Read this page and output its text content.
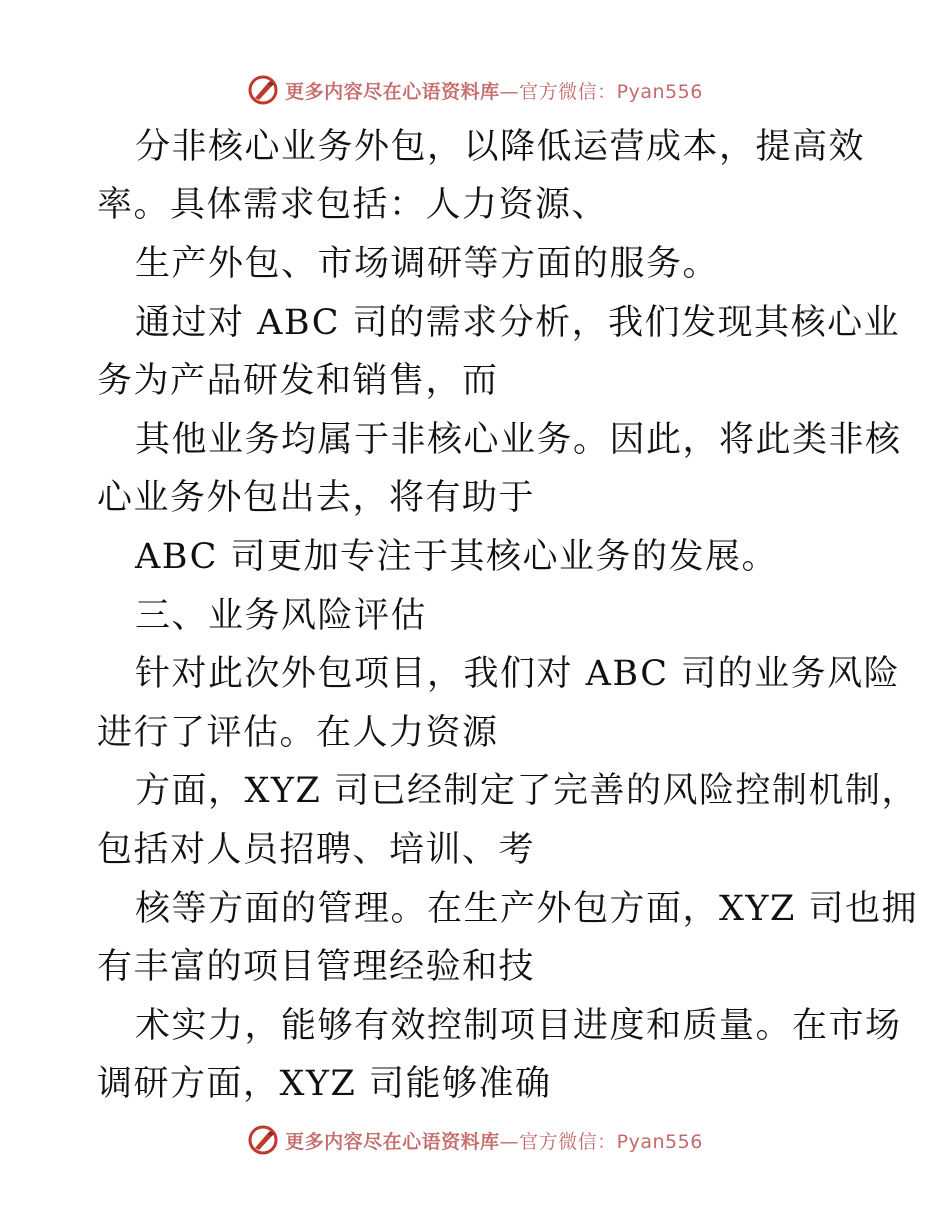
更多内容尽在心语资料库—官方微信：Pyan556
分非核心业务外包，以降低运营成本，提高效
率。具体需求包括：人力资源、
生产外包、市场调研等方面的服务。
通过对 ABC 司的需求分析，我们发现其核心业
务为产品研发和销售，而
其他业务均属于非核心业务。因此，将此类非核
心业务外包出去，将有助于
ABC 司更加专注于其核心业务的发展。
三、业务风险评估
针对此次外包项目，我们对 ABC 司的业务风险
进行了评估。在人力资源
方面，XYZ 司已经制定了完善的风险控制机制，
包括对人员招聘、培训、考
核等方面的管理。在生产外包方面，XYZ 司也拥
有丰富的项目管理经验和技
术实力，能够有效控制项目进度和质量。在市场
调研方面，XYZ 司能够准确
更多内容尽在心语资料库—官方微信：Pyan556
